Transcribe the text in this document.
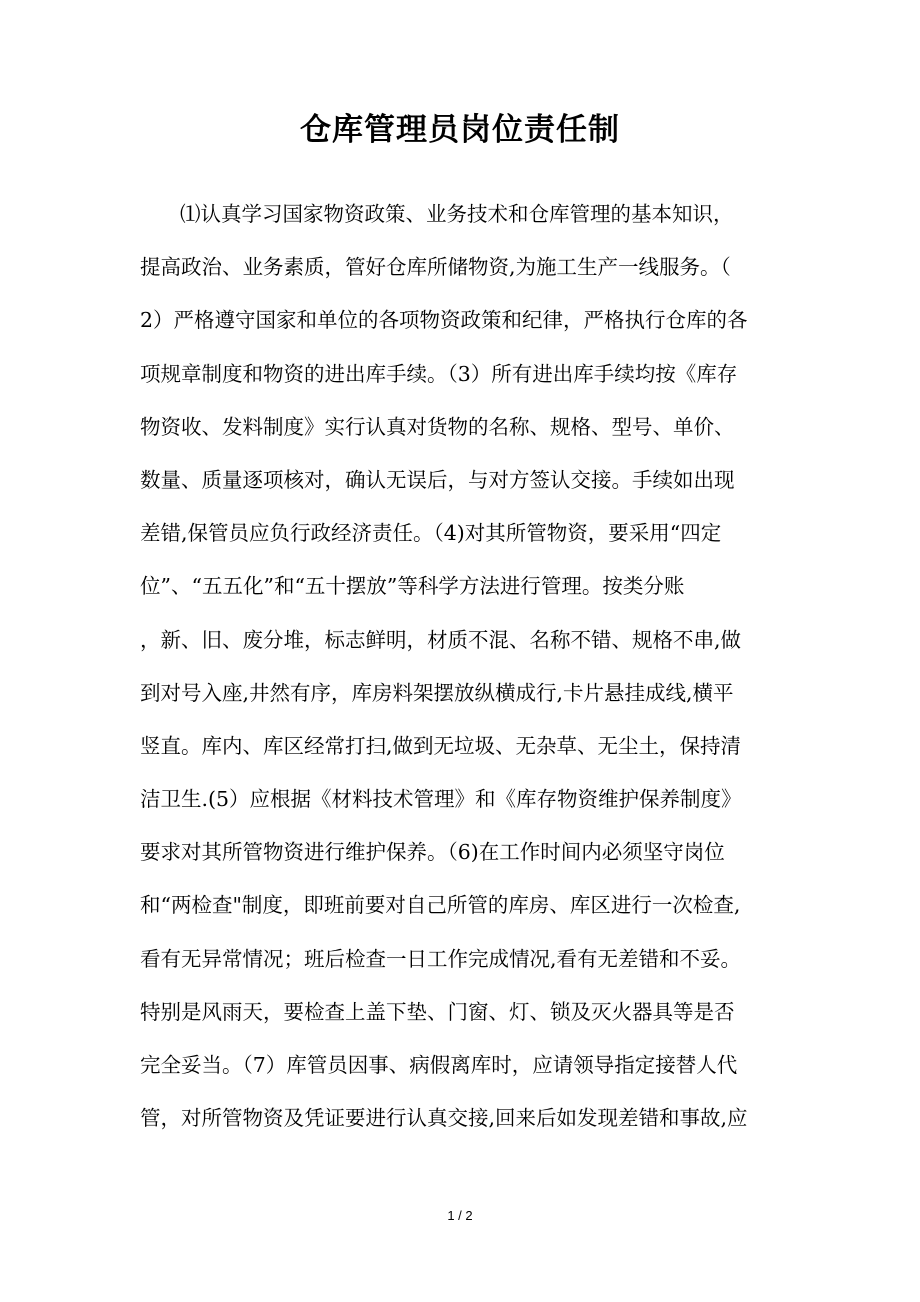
仓库管理员岗位责任制
⑴认真学习国家物资政策、业务技术和仓库管理的基本知识，
提高政治、业务素质，管好仓库所储物资,为施工生产一线服务。（
2）严格遵守国家和单位的各项物资政策和纪律，严格执行仓库的各
项规章制度和物资的进出库手续。（3）所有进出库手续均按《库存
物资收、发料制度》实行认真对货物的名称、规格、型号、单价、
数量、质量逐项核对，确认无误后，与对方签认交接。手续如出现
差错,保管员应负行政经济责任。（4)对其所管物资，要采用“四定
位”、“五五化”和“五十摆放”等科学方法进行管理。按类分账
，新、旧、废分堆，标志鲜明，材质不混、名称不错、规格不串,做
到对号入座,井然有序，库房料架摆放纵横成行,卡片悬挂成线,横平
竖直。库内、库区经常打扫,做到无垃圾、无杂草、无尘土，保持清
洁卫生.(5）应根据《材料技术管理》和《库存物资维护保养制度》
要求对其所管物资进行维护保养。（6)在工作时间内必须坚守岗位
和“两检查"制度，即班前要对自己所管的库房、库区进行一次检查,
看有无异常情况；班后检查一日工作完成情况,看有无差错和不妥。
特别是风雨天，要检查上盖下垫、门窗、灯、锁及灭火器具等是否
完全妥当。（7）库管员因事、病假离库时，应请领导指定接替人代
管，对所管物资及凭证要进行认真交接,回来后如发现差错和事故,应
1 / 2
